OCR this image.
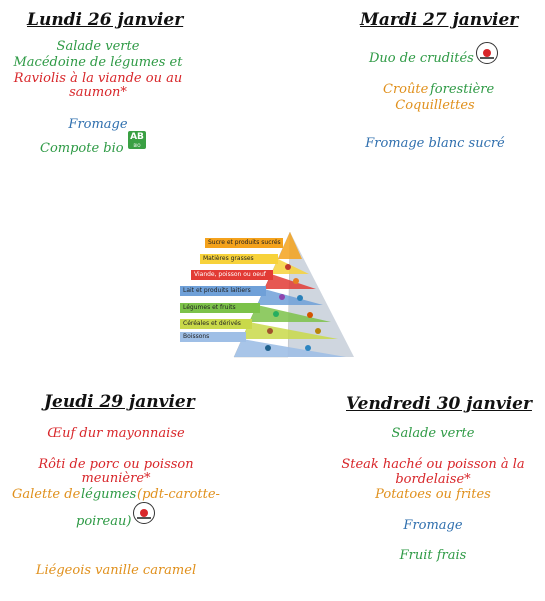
Lundi 26 janvier
Salade verte
Macédoine de légumes et
Raviolis à la viande ou au
saumon*
Fromage
Compote bio
AB
BIO
Mardi 27 janvier
Duo de crudités
Croûte forestière
Coquillettes
Fromage blanc sucré
Sucre et produits sucrés
Matières grasses
Viande, poisson ou oeuf
Lait et produits laitiers
Légumes et fruits
Céréales et dérivés
Boissons
Jeudi 29 janvier
Œuf dur mayonnaise
Rôti de porc ou poisson
meunière*
Galette de légumes (pdt-carotte-
poireau)
Liégeois vanille caramel
Vendredi 30 janvier
Salade verte
Steak haché ou poisson à la
bordelaise*
Potatoes ou frites
Fromage
Fruit frais
